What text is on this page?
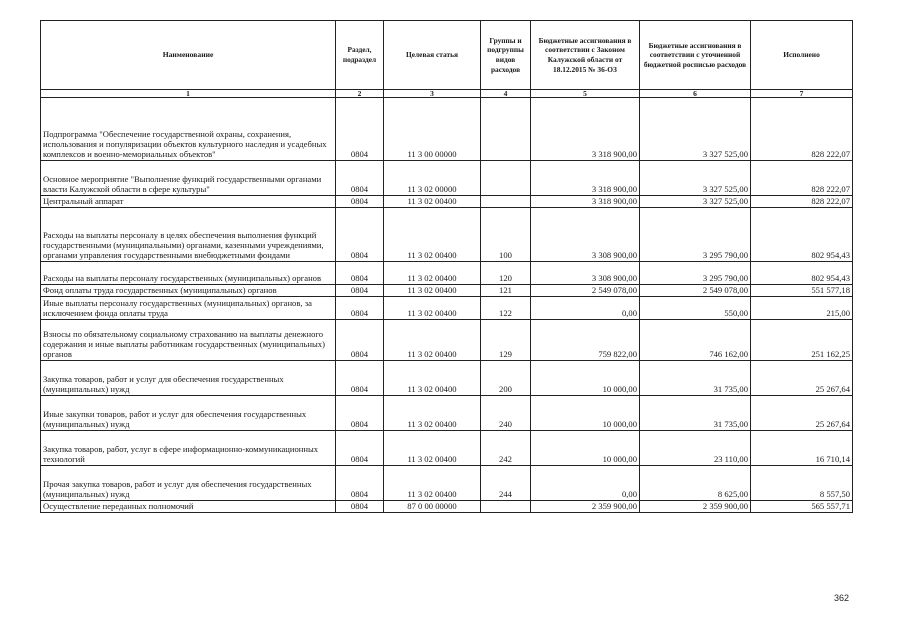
Наименование	Раздел, подраздел	Целевая статья	Группы и подгруппы видов расходов	Бюджетные ассигнования в соответствии с Законом Калужской области от 18.12.2015 № 36-ОЗ	Бюджетные ассигнования в соответствии с уточненной бюджетной росписью расходов	Исполнено
1	2	3	4	5	6	7
Подпрограмма "Обеспечение государственной охраны, сохранения, использования и популяризации объектов культурного наследия и усадебных комплексов и военно-мемориальных объектов"	0804	11 3 00 00000		3 318 900,00	3 327 525,00	828 222,07
Основное мероприятие "Выполнение функций государственными органами власти Калужской области в сфере культуры"	0804	11 3 02 00000		3 318 900,00	3 327 525,00	828 222,07
Центральный аппарат	0804	11 3 02 00400		3 318 900,00	3 327 525,00	828 222,07
Расходы на выплаты персоналу в целях обеспечения выполнения функций государственными (муниципальными) органами, казенными учреждениями, органами управления государственными внебюджетными фондами	0804	11 3 02 00400	100	3 308 900,00	3 295 790,00	802 954,43
Расходы на выплаты персоналу государственных (муниципальных) органов	0804	11 3 02 00400	120	3 308 900,00	3 295 790,00	802 954,43
Фонд оплаты труда государственных (муниципальных) органов	0804	11 3 02 00400	121	2 549 078,00	2 549 078,00	551 577,18
Иные выплаты персоналу государственных (муниципальных) органов, за исключением фонда оплаты труда	0804	11 3 02 00400	122	0,00	550,00	215,00
Взносы по обязательному социальному страхованию на выплаты денежного содержания и иные выплаты работникам государственных (муниципальных) органов	0804	11 3 02 00400	129	759 822,00	746 162,00	251 162,25
Закупка товаров, работ и услуг для обеспечения государственных (муниципальных) нужд	0804	11 3 02 00400	200	10 000,00	31 735,00	25 267,64
Иные закупки товаров, работ и услуг для обеспечения государственных (муниципальных) нужд	0804	11 3 02 00400	240	10 000,00	31 735,00	25 267,64
Закупка товаров, работ, услуг в сфере информационно-коммуникационных технологий	0804	11 3 02 00400	242	10 000,00	23 110,00	16 710,14
Прочая закупка товаров, работ и услуг для обеспечения государственных (муниципальных) нужд	0804	11 3 02 00400	244	0,00	8 625,00	8 557,50
Осуществление переданных полномочий	0804	87 0 00 00000		2 359 900,00	2 359 900,00	565 557,71
362
